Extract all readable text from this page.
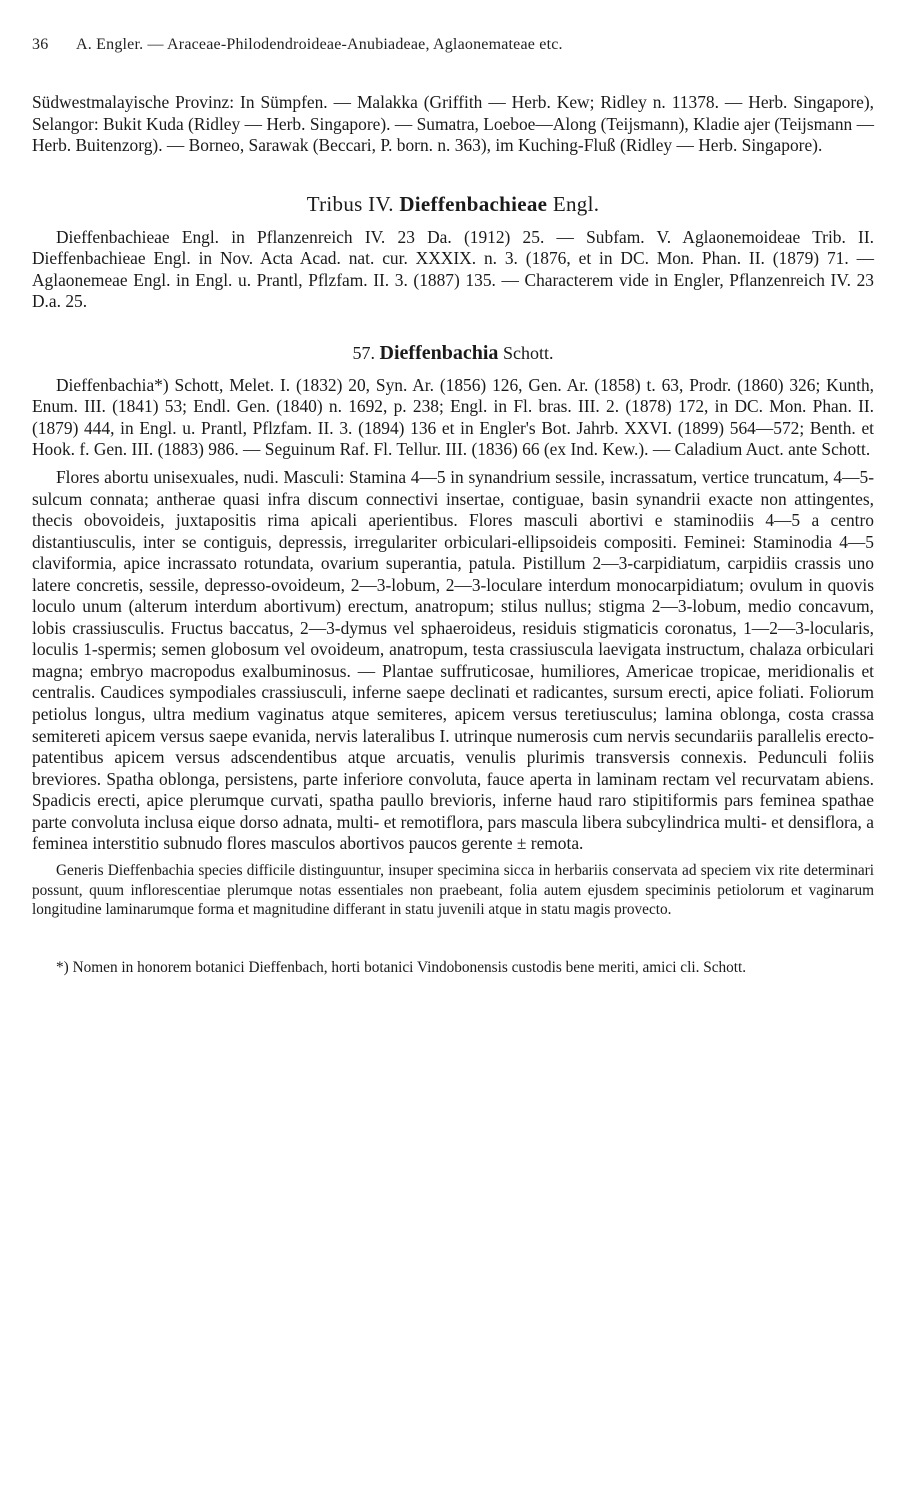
36 A. Engler. — Araceae-Philodendroideae-Anubiadeae, Aglaonemateae etc.

Südwestmalayische Provinz: In Sümpfen. — Malakka (Griffith — Herb. Kew; Ridley n. 11378. — Herb. Singapore), Selangor: Bukit Kuda (Ridley — Herb. Singapore). — Sumatra, Loeboe—Along (Teijsmann), Kladie ajer (Teijsmann — Herb. Buitenzorg). — Borneo, Sarawak (Beccari, P. born. n. 363), im Kuching-Fluß (Ridley — Herb. Singapore).

Tribus IV. Dieffenbachieae Engl.

Dieffenbachieae Engl. in Pflanzenreich IV. 23 Da. (1912) 25. — Subfam. V. Aglaonemoideae Trib. II. Dieffenbachieae Engl. in Nov. Acta Acad. nat. cur. XXXIX. n. 3. (1876, et in DC. Mon. Phan. II. (1879) 71. — Aglaonemeae Engl. in Engl. u. Prantl, Pflzfam. II. 3. (1887) 135. — Characterem vide in Engler, Pflanzenreich IV. 23 D.a. 25.

57. Dieffenbachia Schott.

Dieffenbachia*) Schott, Melet. I. (1832) 20, Syn. Ar. (1856) 126, Gen. Ar. (1858) t. 63, Prodr. (1860) 326; Kunth, Enum. III. (1841) 53; Endl. Gen. (1840) n. 1692, p. 238; Engl. in Fl. bras. III. 2. (1878) 172, in DC. Mon. Phan. II. (1879) 444, in Engl. u. Prantl, Pflzfam. II. 3. (1894) 136 et in Engler's Bot. Jahrb. XXVI. (1899) 564—572; Benth. et Hook. f. Gen. III. (1883) 986. — Seguinum Raf. Fl. Tellur. III. (1836) 66 (ex Ind. Kew.). — Caladium Auct. ante Schott.

Flores abortu unisexuales, nudi. Masculi: Stamina 4—5 in synandrium sessile, incrassatum, vertice truncatum, 4—5-sulcum connata; antherae quasi infra discum connectivi insertae, contiguae, basin synandrii exacte non attingentes, thecis obovoideis, juxtapositis rima apicali aperientibus. Flores masculi abortivi e staminodiis 4—5 a centro distantiusculis, inter se contiguis, depressis, irregulariter orbiculari-ellipsoideis compositi. Feminei: Staminodia 4—5 claviformia, apice incrassato rotundata, ovarium superantia, patula. Pistillum 2—3-carpidiatum, carpidiis crassis uno latere concretis, sessile, depresso-ovoideum, 2—3-lobum, 2—3-loculare interdum monocarpidiatum; ovulum in quovis loculo unum (alterum interdum abortivum) erectum, anatropum; stilus nullus; stigma 2—3-lobum, medio concavum, lobis crassiusculis. Fructus baccatus, 2—3-dymus vel sphaeroideus, residuis stigmaticis coronatus, 1—2—3-locularis, loculis 1-spermis; semen globosum vel ovoideum, anatropum, testa crassiuscula laevigata instructum, chalaza orbiculari magna; embryo macropodus exalbuminosus. — Plantae suffruticosae, humiliores, Americae tropicae, meridionalis et centralis. Caudices sympodiales crassiusculi, inferne saepe declinati et radicantes, sursum erecti, apice foliati. Foliorum petiolus longus, ultra medium vaginatus atque semiteres, apicem versus teretiusculus; lamina oblonga, costa crassa semitereti apicem versus saepe evanida, nervis lateralibus I. utrinque numerosis cum nervis secundariis parallelis erecto-patentibus apicem versus adscendentibus atque arcuatis, venulis plurimis transversis connexis. Pedunculi foliis breviores. Spatha oblonga, persistens, parte inferiore convoluta, fauce aperta in laminam rectam vel recurvatam abiens. Spadicis erecti, apice plerumque curvati, spatha paullo brevioris, inferne haud raro stipitiformis pars feminea spathae parte convoluta inclusa eique dorso adnata, multi- et remotiflora, pars mascula libera subcylindrica multi- et densiflora, a feminea interstitio subnudo flores masculos abortivos paucos gerente ± remota.

Generis Dieffenbachia species difficile distinguuntur, insuper specimina sicca in herbariis conservata ad speciem vix rite determinari possunt, quum inflorescentiae plerumque notas essentiales non praebeant, folia autem ejusdem speciminis petiolorum et vaginarum longitudine laminarumque forma et magnitudine differant in statu juvenili atque in statu magis provecto.

*) Nomen in honorem botanici Dieffenbach, horti botanici Vindobonensis custodis bene meriti, amici cli. Schott.
